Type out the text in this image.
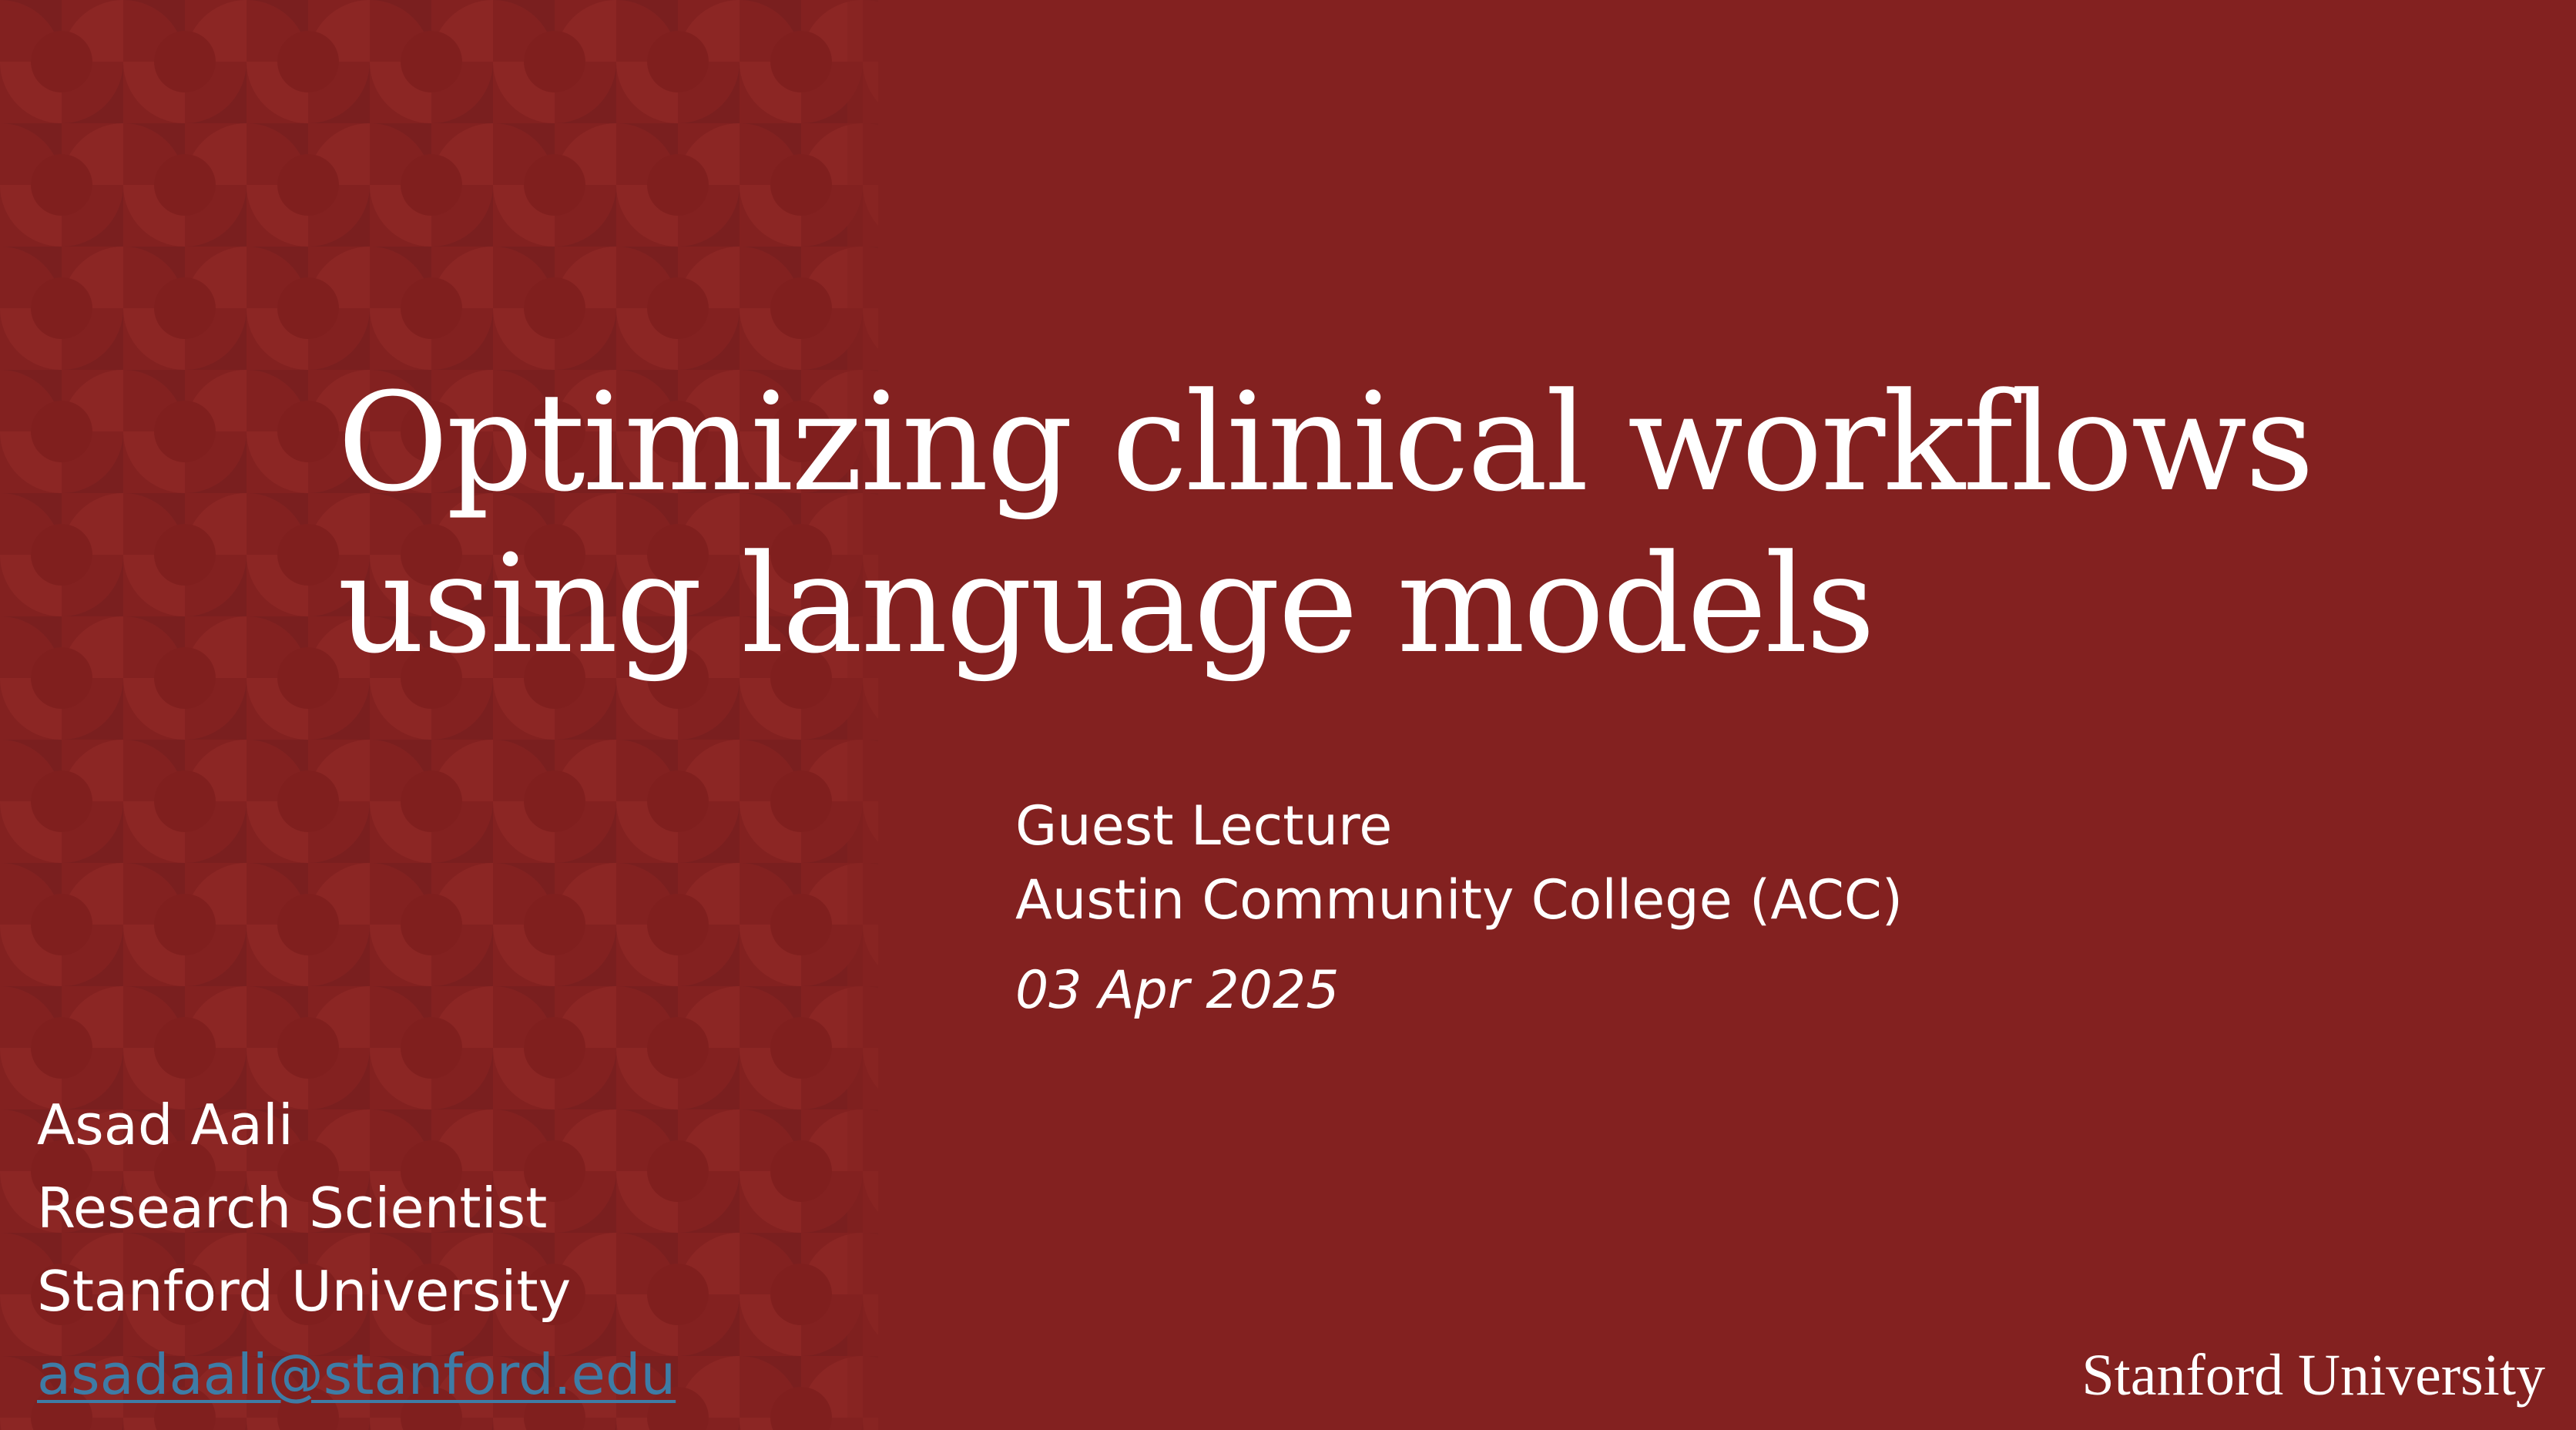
Optimizing clinical workflows
using language models
Guest Lecture
Austin Community College (ACC)
03 Apr 2025
Asad Aali
Research Scientist
Stanford University
asadaali@stanford.edu	Stanford University
